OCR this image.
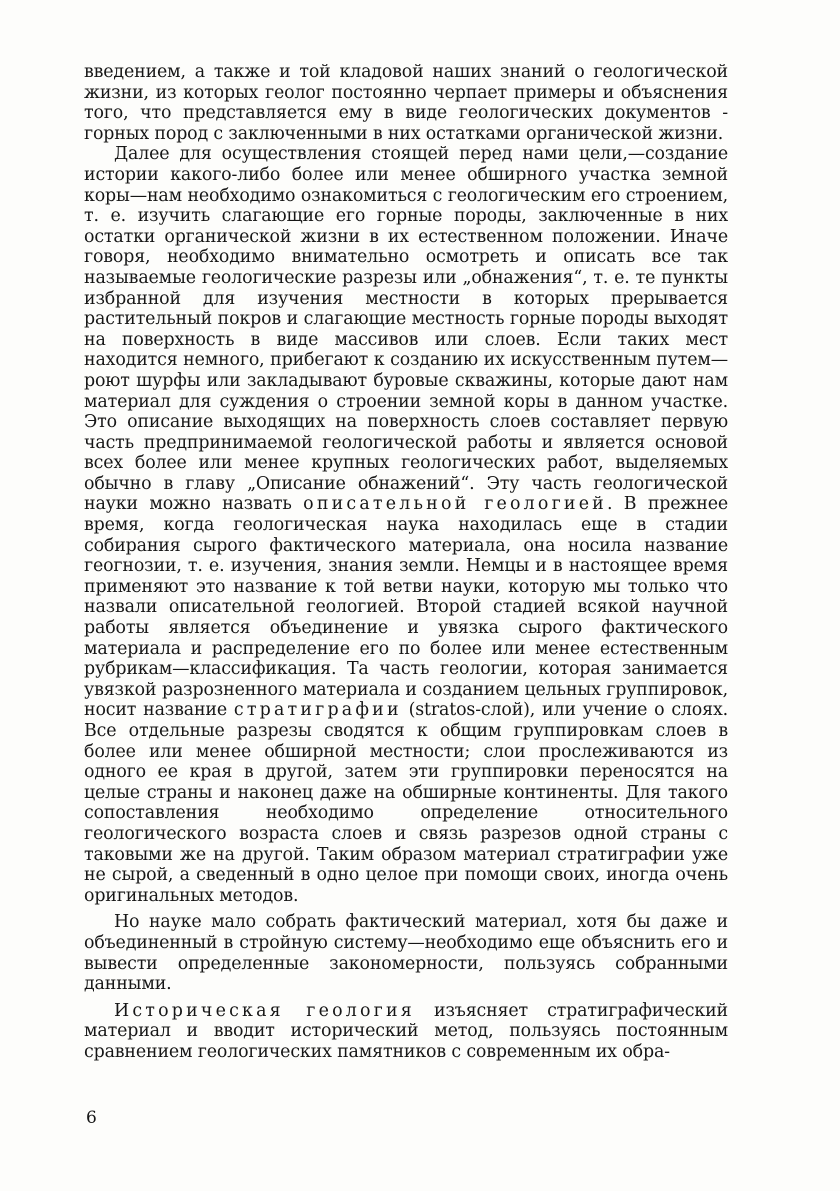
введением, а также и той кладовой наших знаний о геологической жизни, из которых геолог постоянно черпает примеры и объяснения того, что представляется ему в виде геологических документов - горных пород с заключенными в них остатками органической жизни.

Далее для осуществления стоящей перед нами цели,—создание истории какого-либо более или менее обширного участка земной коры—нам необходимо ознакомиться с геологическим его строением, т. е. изучить слагающие его горные породы, заключенные в них остатки органической жизни в их естественном положении. Иначе говоря, необходимо внимательно осмотреть и описать все так называемые геологические разрезы или „обнажения“, т. е. те пункты избранной для изучения местности в которых прерывается растительный покров и слагающие местность горные породы выходят на поверхность в виде массивов или слоев. Если таких мест находится немного, прибегают к созданию их искусственным путем—роют шурфы или закладывают буровые скважины, которые дают нам материал для суждения о строении земной коры в данном участке. Это описание выходящих на поверхность слоев составляет первую часть предпринимаемой геологической работы и является основой всех более или менее крупных геологических работ, выделяемых обычно в главу „Описание обнажений“. Эту часть геологической науки можно назвать описательной геологией. В прежнее время, когда геологическая наука находилась еще в стадии собирания сырого фактического материала, она носила название геогнозии, т. е. изучения, знания земли. Немцы и в настоящее время применяют это название к той ветви науки, которую мы только что назвали описательной геологией. Второй стадией всякой научной работы является объединение и увязка сырого фактического материала и распределение его по более или менее естественным рубрикам—классификация. Та часть геологии, которая занимается увязкой разрозненного материала и созданием цельных группировок, носит название стратиграфии (stratos-слой), или учение о слоях. Все отдельные разрезы сводятся к общим группировкам слоев в более или менее обширной местности; слои прослеживаются из одного ее края в другой, затем эти группировки переносятся на целые страны и наконец даже на обширные континенты. Для такого сопоставления необходимо определение относительного геологического возраста слоев и связь разрезов одной страны с таковыми же на другой. Таким образом материал стратиграфии уже не сырой, а сведенный в одно целое при помощи своих, иногда очень оригинальных методов.

Но науке мало собрать фактический материал, хотя бы даже и объединенный в стройную систему—необходимо еще объяснить его и вывести определенные закономерности, пользуясь собранными данными.

Историческая геология изъясняет стратиграфический материал и вводит исторический метод, пользуясь постоянным сравнением геологических памятников с современным их обра-

6
